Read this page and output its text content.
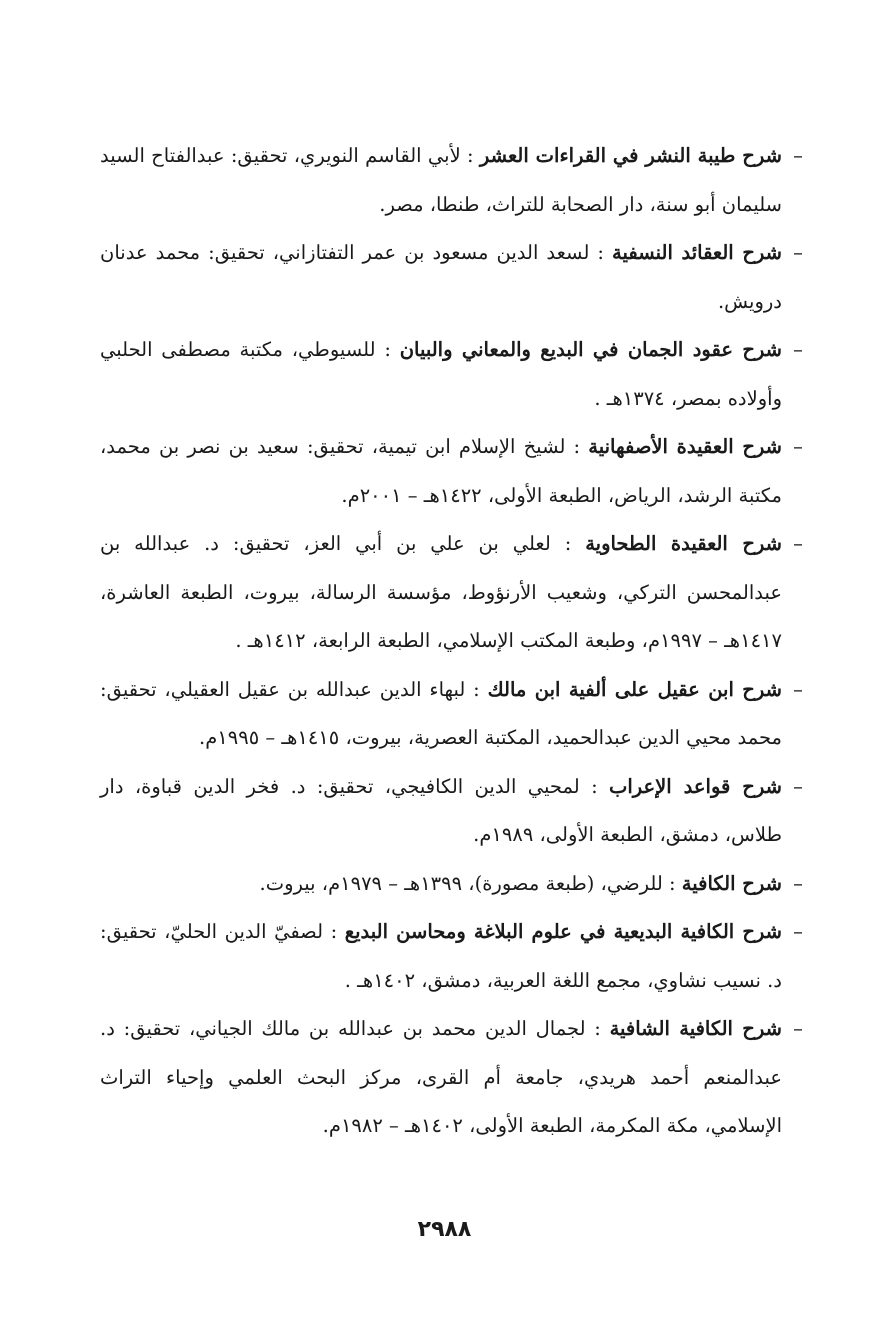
–
شرح طيبة النشر في القراءات العشر : لأبي القاسم النويري، تحقيق: عبدالفتاح السيد سليمان أبو سنة، دار الصحابة للتراث، طنطا، مصر.

–
شرح العقائد النسفية : لسعد الدين مسعود بن عمر التفتازاني، تحقيق: محمد عدنان درويش.

–
شرح عقود الجمان في البديع والمعاني والبيان : للسيوطي، مكتبة مصطفى الحلبي وأولاده بمصر، ١٣٧٤هـ .

–
شرح العقيدة الأصفهانية : لشيخ الإسلام ابن تيمية، تحقيق: سعيد بن نصر بن محمد، مكتبة الرشد، الرياض، الطبعة الأولى، ١٤٢٢هـ – ٢٠٠١م.

–
شرح العقيدة الطحاوية : لعلي بن علي بن أبي العز، تحقيق: د. عبدالله بن عبدالمحسن التركي، وشعيب الأرنؤوط، مؤسسة الرسالة، بيروت، الطبعة العاشرة، ١٤١٧هـ – ١٩٩٧م، وطبعة المكتب الإسلامي، الطبعة الرابعة، ١٤١٢هـ .

–
شرح ابن عقيل على ألفية ابن مالك : لبهاء الدين عبدالله بن عقيل العقيلي، تحقيق: محمد محيي الدين عبدالحميد، المكتبة العصرية، بيروت، ١٤١٥هـ – ١٩٩٥م.

–
شرح قواعد الإعراب : لمحيي الدين الكافيجي، تحقيق: د. فخر الدين قباوة، دار طلاس، دمشق، الطبعة الأولى، ١٩٨٩م.

–
شرح الكافية : للرضي، (طبعة مصورة)، ١٣٩٩هـ – ١٩٧٩م، بيروت.

–
شرح الكافية البديعية في علوم البلاغة ومحاسن البديع : لصفيّ الدين الحليّ، تحقيق: د. نسيب نشاوي، مجمع اللغة العربية، دمشق، ١٤٠٢هـ .

–
شرح الكافية الشافية : لجمال الدين محمد بن عبدالله بن مالك الجياني، تحقيق: د. عبدالمنعم أحمد هريدي، جامعة أم القرى، مركز البحث العلمي وإحياء التراث الإسلامي، مكة المكرمة، الطبعة الأولى، ١٤٠٢هـ – ١٩٨٢م.

٢٩٨٨
